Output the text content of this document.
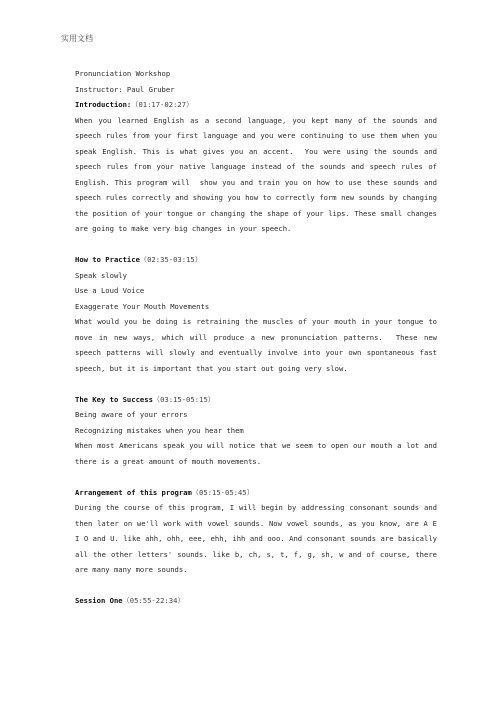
实用文档
Pronunciation Workshop
Instructor: Paul Gruber
Introduction:（01:17-02:27）
When you learned English as a second language, you kept many of the sounds and speech rules from your first language and you were continuing to use them when you speak English. This is what gives you an accent.  You were using the sounds and speech rules from your native language instead of the sounds and speech rules of English. This program will  show you and train you on how to use these sounds and speech rules correctly and showing you how to correctly form new sounds by changing the position of your tongue or changing the shape of your lips. These small changes are going to make very big changes in your speech.
How to Practice（02:35-03:15）
Speak slowly
Use a Loud Voice
Exaggerate Your Mouth Movements
What would you be doing is retraining the muscles of your mouth in your tongue to move in new ways, which will produce a new pronunciation patterns.  These new speech patterns will slowly and eventually involve into your own spontaneous fast speech, but it is important that you start out going very slow.
The Key to Success（03:15-05:15）
Being aware of your errors
Recognizing mistakes when you hear them
When most Americans speak you will notice that we seem to open our mouth a lot and there is a great amount of mouth movements.
Arrangement of this program（05:15-05:45）
During the course of this program, I will begin by addressing consonant sounds and then later on we'll work with vowel sounds. Now vowel sounds, as you know, are A E I O and U. like ahh, ohh, eee, ehh, ihh and ooo. And consonant sounds are basically all the other letters' sounds. like b, ch, s, t, f, g, sh, w and of course, there are many many more sounds.
Session One（05:55-22:34）
